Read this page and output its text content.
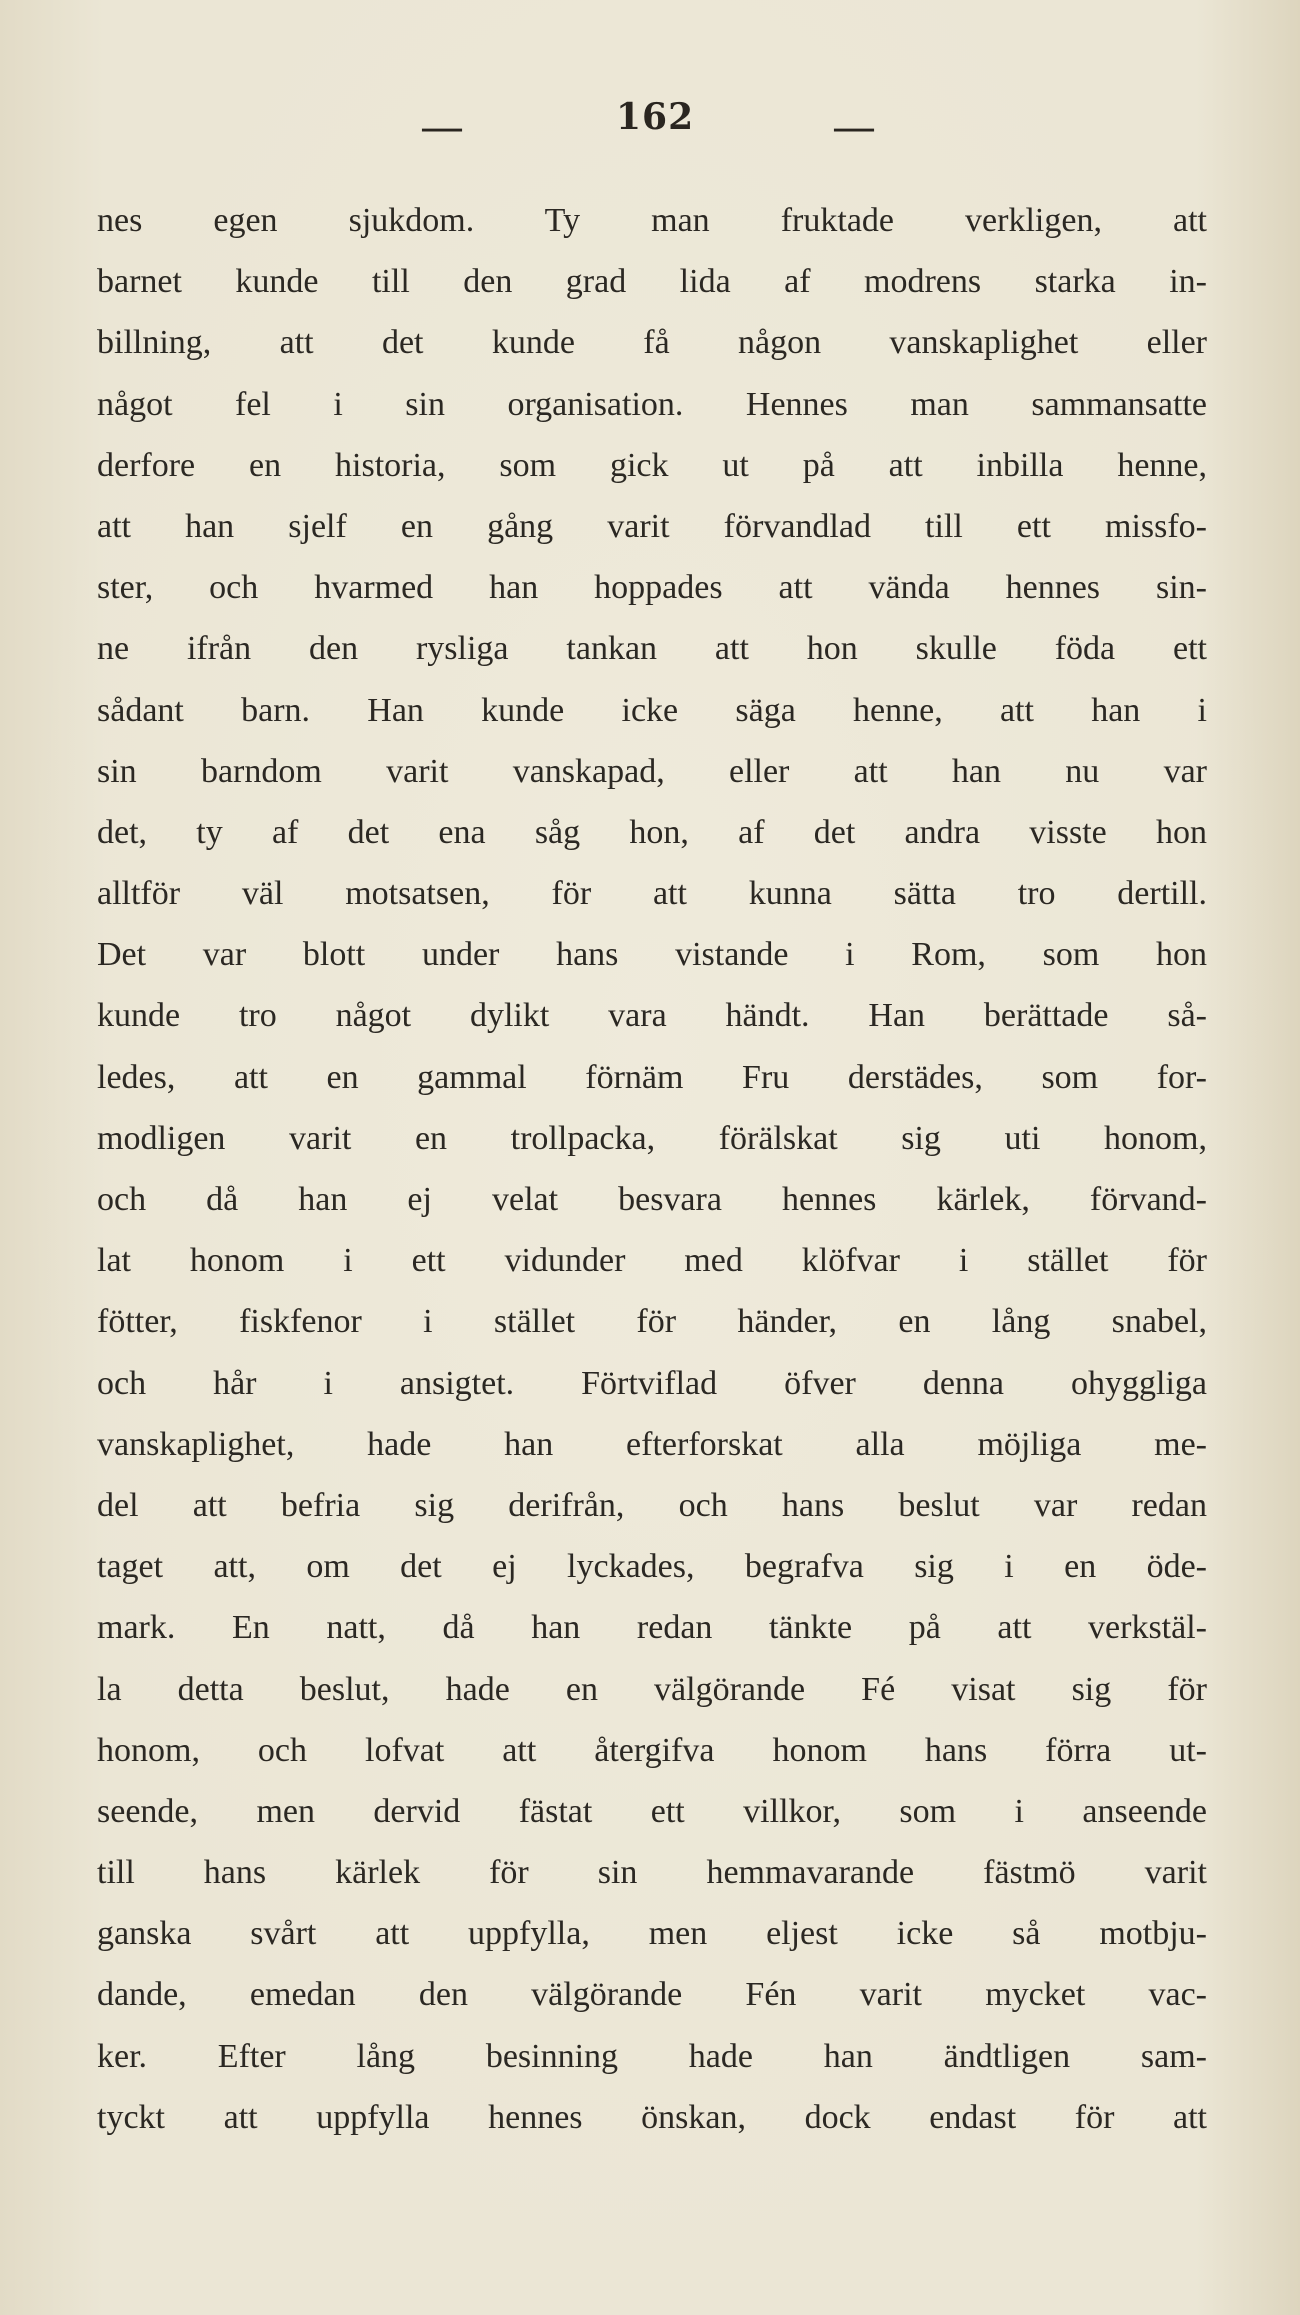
—	162	—
nes egen sjukdom. Ty man fruktade verkligen, att
barnet kunde till den grad lida af modrens starka in-
billning, att det kunde få någon vanskaplighet eller
något fel i sin organisation. Hennes man sammansatte
derfore en historia, som gick ut på att inbilla henne,
att han sjelf en gång varit förvandlad till ett missfo-
ster, och hvarmed han hoppades att vända hennes sin-
ne ifrån den rysliga tankan att hon skulle föda ett
sådant barn. Han kunde icke säga henne, att han i
sin barndom varit vanskapad, eller att han nu var
det, ty af det ena såg hon, af det andra visste hon
alltför väl motsatsen, för att kunna sätta tro dertill.
Det var blott under hans vistande i Rom, som hon
kunde tro något dylikt vara händt. Han berättade så-
ledes, att en gammal förnäm Fru derstädes, som for-
modligen varit en trollpacka, förälskat sig uti honom,
och då han ej velat besvara hennes kärlek, förvand-
lat honom i ett vidunder med klöfvar i stället för
fötter, fiskfenor i stället för händer, en lång snabel,
och hår i ansigtet. Förtviflad öfver denna ohyggliga
vanskaplighet, hade han efterforskat alla möjliga me-
del att befria sig derifrån, och hans beslut var redan
taget att, om det ej lyckades, begrafva sig i en öde-
mark. En natt, då han redan tänkte på att verkstäl-
la detta beslut, hade en välgörande Fé visat sig för
honom, och lofvat att återgifva honom hans förra ut-
seende, men dervid fästat ett villkor, som i anseende
till hans kärlek för sin hemmavarande fästmö varit
ganska svårt att uppfylla, men eljest icke så motbju-
dande, emedan den välgörande Fén varit mycket vac-
ker. Efter lång besinning hade han ändtligen sam-
tyckt att uppfylla hennes önskan, dock endast för att
